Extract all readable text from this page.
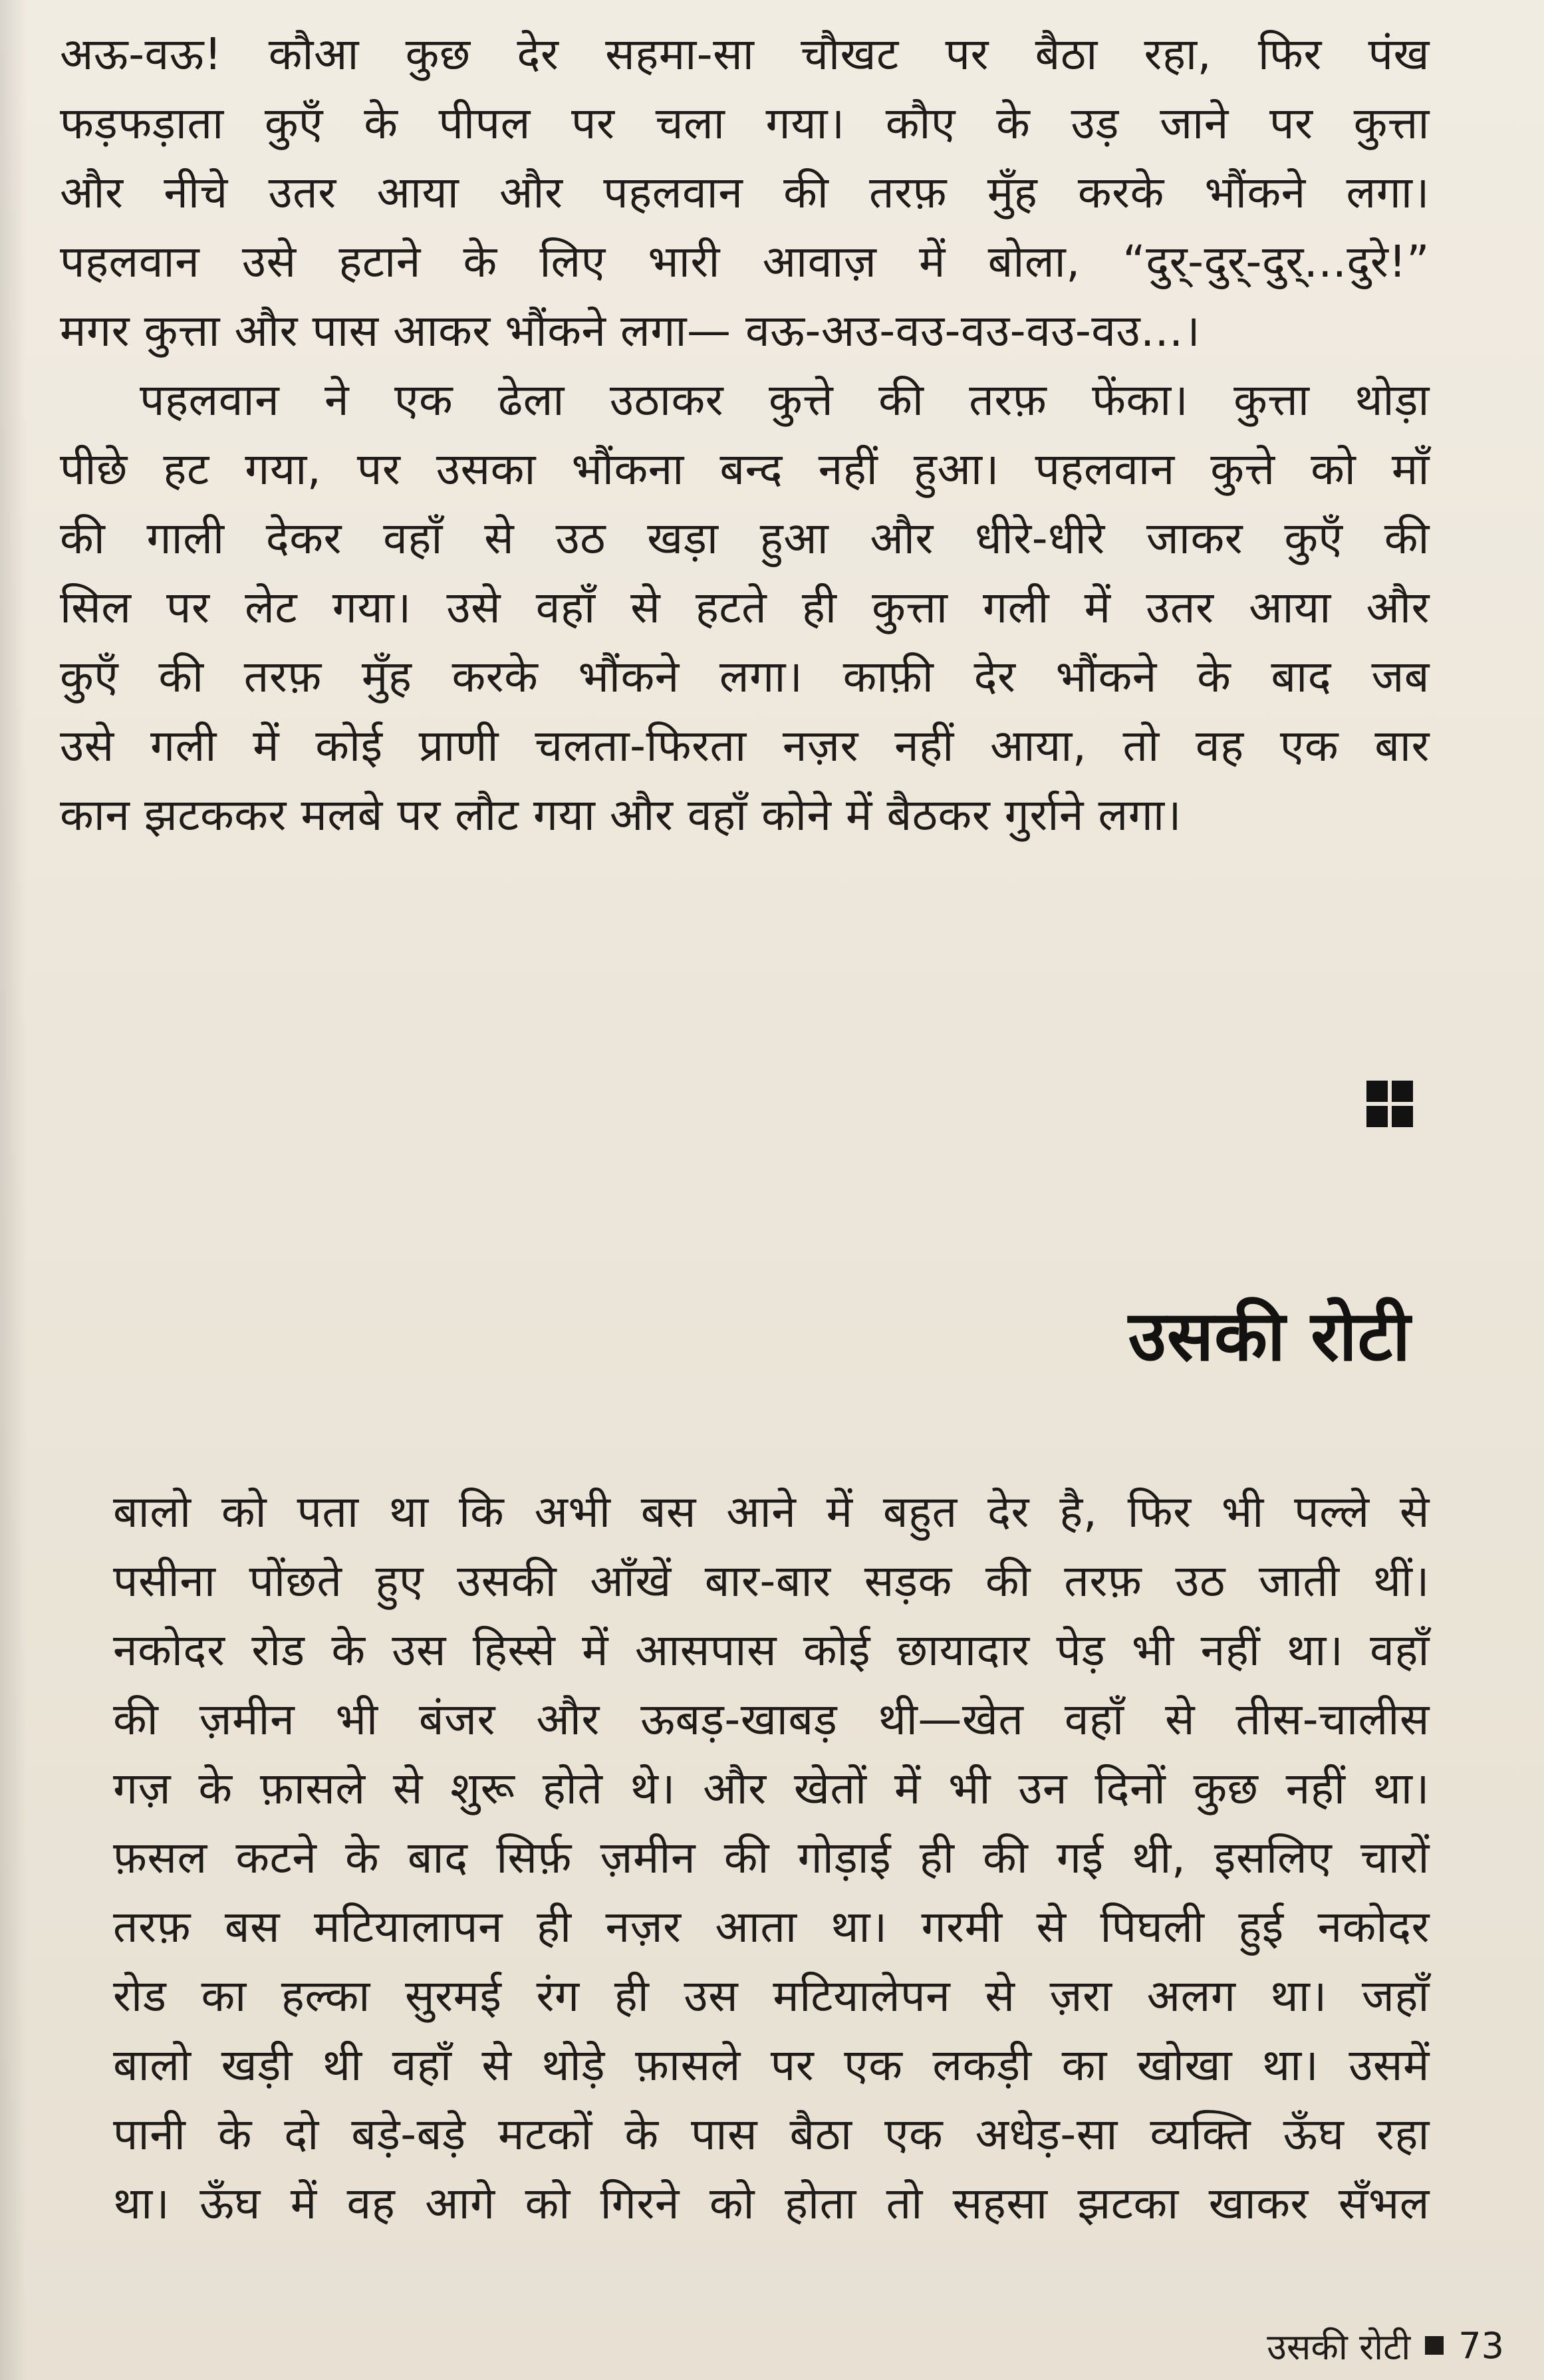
अऊ-वऊ! कौआ कुछ देर सहमा-सा चौखट पर बैठा रहा, फिर पंख
फड़फड़ाता कुएँ के पीपल पर चला गया। कौए के उड़ जाने पर कुत्ता
और नीचे उतर आया और पहलवान की तरफ़ मुँह करके भौंकने लगा।
पहलवान उसे हटाने के लिए भारी आवाज़ में बोला, “दुर्-दुर्-दुर्...दुरे!”
मगर कुत्ता और पास आकर भौंकने लगा— वऊ-अउ-वउ-वउ-वउ-वउ...।
पहलवान ने एक ढेला उठाकर कुत्ते की तरफ़ फेंका। कुत्ता थोड़ा
पीछे हट गया, पर उसका भौंकना बन्द नहीं हुआ। पहलवान कुत्ते को माँ
की गाली देकर वहाँ से उठ खड़ा हुआ और धीरे-धीरे जाकर कुएँ की
सिल पर लेट गया। उसे वहाँ से हटते ही कुत्ता गली में उतर आया और
कुएँ की तरफ़ मुँह करके भौंकने लगा। काफ़ी देर भौंकने के बाद जब
उसे गली में कोई प्राणी चलता-फिरता नज़र नहीं आया, तो वह एक बार
कान झटककर मलबे पर लौट गया और वहाँ कोने में बैठकर गुर्राने लगा।
उसकी रोटी
बालो को पता था कि अभी बस आने में बहुत देर है, फिर भी पल्ले से
पसीना पोंछते हुए उसकी आँखें बार-बार सड़क की तरफ़ उठ जाती थीं।
नकोदर रोड के उस हिस्से में आसपास कोई छायादार पेड़ भी नहीं था। वहाँ
की ज़मीन भी बंजर और ऊबड़-खाबड़ थी—खेत वहाँ से तीस-चालीस
गज़ के फ़ासले से शुरू होते थे। और खेतों में भी उन दिनों कुछ नहीं था।
फ़सल कटने के बाद सिर्फ़ ज़मीन की गोड़ाई ही की गई थी, इसलिए चारों
तरफ़ बस मटियालापन ही नज़र आता था। गरमी से पिघली हुई नकोदर
रोड का हल्का सुरमई रंग ही उस मटियालेपन से ज़रा अलग था। जहाँ
बालो खड़ी थी वहाँ से थोड़े फ़ासले पर एक लकड़ी का खोखा था। उसमें
पानी के दो बड़े-बड़े मटकों के पास बैठा एक अधेड़-सा व्यक्ति ऊँघ रहा
था। ऊँघ में वह आगे को गिरने को होता तो सहसा झटका खाकर सँभल
उसकी रोटी 73
